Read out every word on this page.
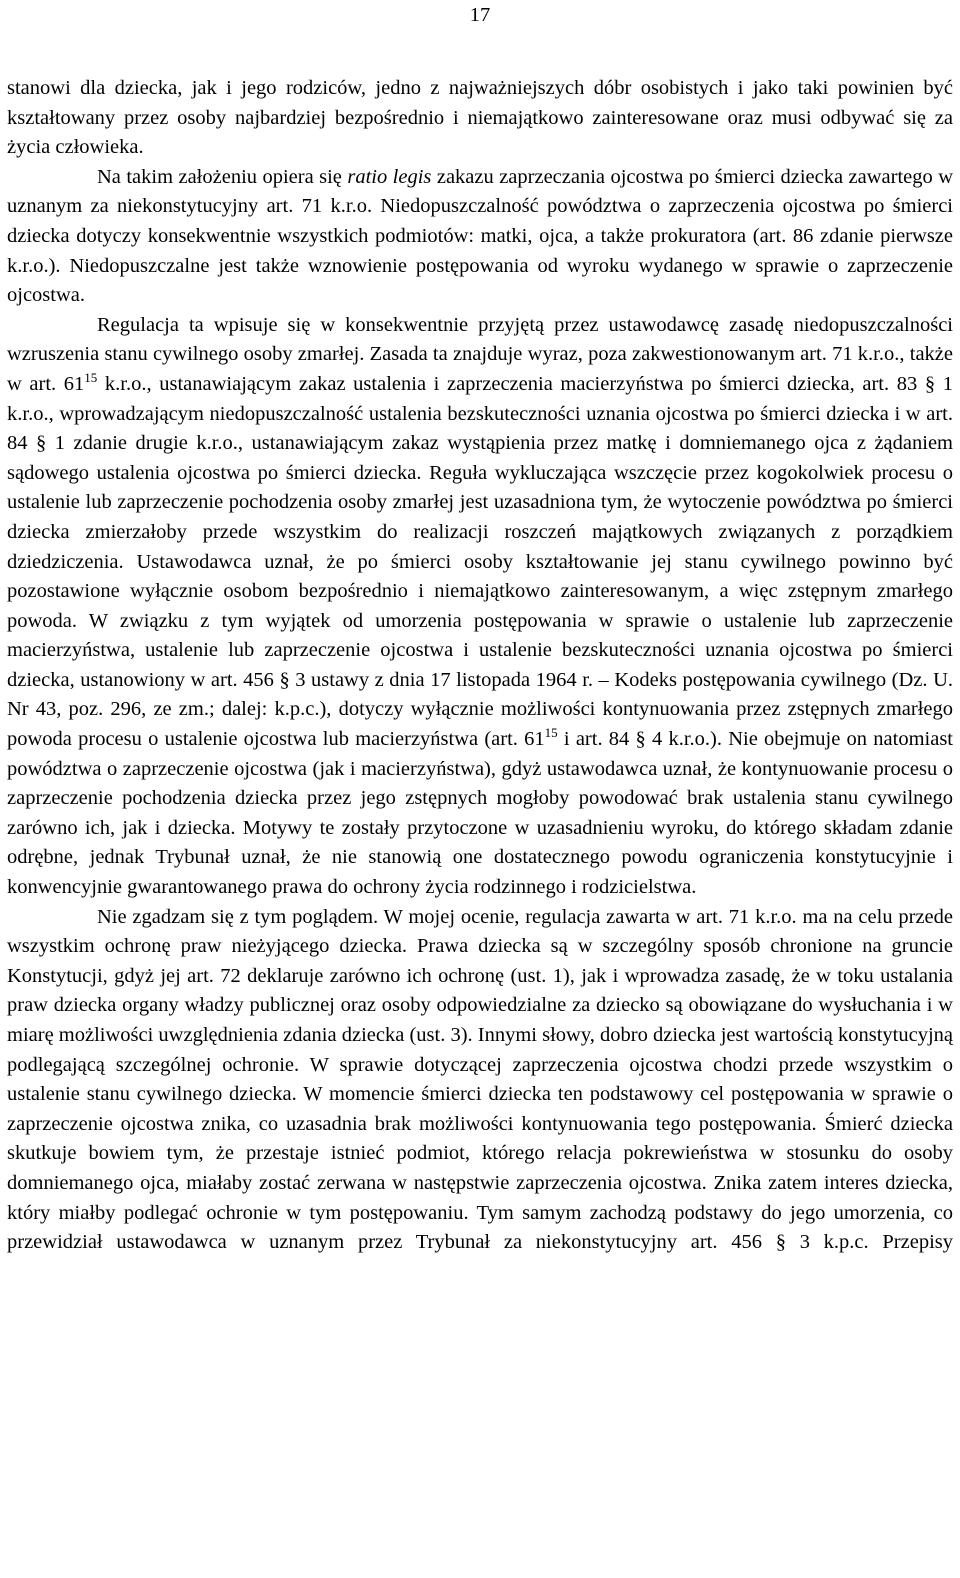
17

stanowi dla dziecka, jak i jego rodziców, jedno z najważniejszych dóbr osobistych i jako taki powinien być kształtowany przez osoby najbardziej bezpośrednio i niemajątkowo zainteresowane oraz musi odbywać się za życia człowieka.

Na takim założeniu opiera się ratio legis zakazu zaprzeczania ojcostwa po śmierci dziecka zawartego w uznanym za niekonstytucyjny art. 71 k.r.o. Niedopuszczalność powództwa o zaprzeczenia ojcostwa po śmierci dziecka dotyczy konsekwentnie wszystkich podmiotów: matki, ojca, a także prokuratora (art. 86 zdanie pierwsze k.r.o.). Niedopuszczalne jest także wznowienie postępowania od wyroku wydanego w sprawie o zaprzeczenie ojcostwa.

Regulacja ta wpisuje się w konsekwentnie przyjętą przez ustawodawcę zasadę niedopuszczalności wzruszenia stanu cywilnego osoby zmarłej. Zasada ta znajduje wyraz, poza zakwestionowanym art. 71 k.r.o., także w art. $61^{15}$ k.r.o., ustanawiającym zakaz ustalenia i zaprzeczenia macierzyństwa po śmierci dziecka, art. 83 § 1 k.r.o., wprowadzającym niedopuszczalność ustalenia bezskuteczności uznania ojcostwa po śmierci dziecka i w art. 84 § 1 zdanie drugie k.r.o., ustanawiającym zakaz wystąpienia przez matkę i domniemanego ojca z żądaniem sądowego ustalenia ojcostwa po śmierci dziecka. Reguła wykluczająca wszczęcie przez kogokolwiek procesu o ustalenie lub zaprzeczenie pochodzenia osoby zmarłej jest uzasadniona tym, że wytoczenie powództwa po śmierci dziecka zmierzałoby przede wszystkim do realizacji roszczeń majątkowych związanych z porządkiem dziedziczenia. Ustawodawca uznał, że po śmierci osoby kształtowanie jej stanu cywilnego powinno być pozostawione wyłącznie osobom bezpośrednio i niemajątkowo zainteresowanym, a więc zstępnym zmarłego powoda. W związku z tym wyjątek od umorzenia postępowania w sprawie o ustalenie lub zaprzeczenie macierzyństwa, ustalenie lub zaprzeczenie ojcostwa i ustalenie bezskuteczności uznania ojcostwa po śmierci dziecka, ustanowiony w art. 456 § 3 ustawy z dnia 17 listopada 1964 r. – Kodeks postępowania cywilnego (Dz. U. Nr 43, poz. 296, ze zm.; dalej: k.p.c.), dotyczy wyłącznie możliwości kontynuowania przez zstępnych zmarłego powoda procesu o ustalenie ojcostwa lub macierzyństwa (art. $61^{15}$ i art. 84 § 4 k.r.o.). Nie obejmuje on natomiast powództwa o zaprzeczenie ojcostwa (jak i macierzyństwa), gdyż ustawodawca uznał, że kontynuowanie procesu o zaprzeczenie pochodzenia dziecka przez jego zstępnych mogłoby powodować brak ustalenia stanu cywilnego zarówno ich, jak i dziecka. Motywy te zostały przytoczone w uzasadnieniu wyroku, do którego składam zdanie odrębne, jednak Trybunał uznał, że nie stanowią one dostatecznego powodu ograniczenia konstytucyjnie i konwencyjnie gwarantowanego prawa do ochrony życia rodzinnego i rodzicielstwa.

Nie zgadzam się z tym poglądem. W mojej ocenie, regulacja zawarta w art. 71 k.r.o. ma na celu przede wszystkim ochronę praw nieżyjącego dziecka. Prawa dziecka są w szczególny sposób chronione na gruncie Konstytucji, gdyż jej art. 72 deklaruje zarówno ich ochronę (ust. 1), jak i wprowadza zasadę, że w toku ustalania praw dziecka organy władzy publicznej oraz osoby odpowiedzialne za dziecko są obowiązane do wysłuchania i w miarę możliwości uwzględnienia zdania dziecka (ust. 3). Innymi słowy, dobro dziecka jest wartością konstytucyjną podlegającą szczególnej ochronie. W sprawie dotyczącej zaprzeczenia ojcostwa chodzi przede wszystkim o ustalenie stanu cywilnego dziecka. W momencie śmierci dziecka ten podstawowy cel postępowania w sprawie o zaprzeczenie ojcostwa znika, co uzasadnia brak możliwości kontynuowania tego postępowania. Śmierć dziecka skutkuje bowiem tym, że przestaje istnieć podmiot, którego relacja pokrewieństwa w stosunku do osoby domniemanego ojca, miałaby zostać zerwana w następstwie zaprzeczenia ojcostwa. Znika zatem interes dziecka, który miałby podlegać ochronie w tym postępowaniu. Tym samym zachodzą podstawy do jego umorzenia, co przewidział ustawodawca w uznanym przez Trybunał za niekonstytucyjny art. 456 § 3 k.p.c. Przepisy
